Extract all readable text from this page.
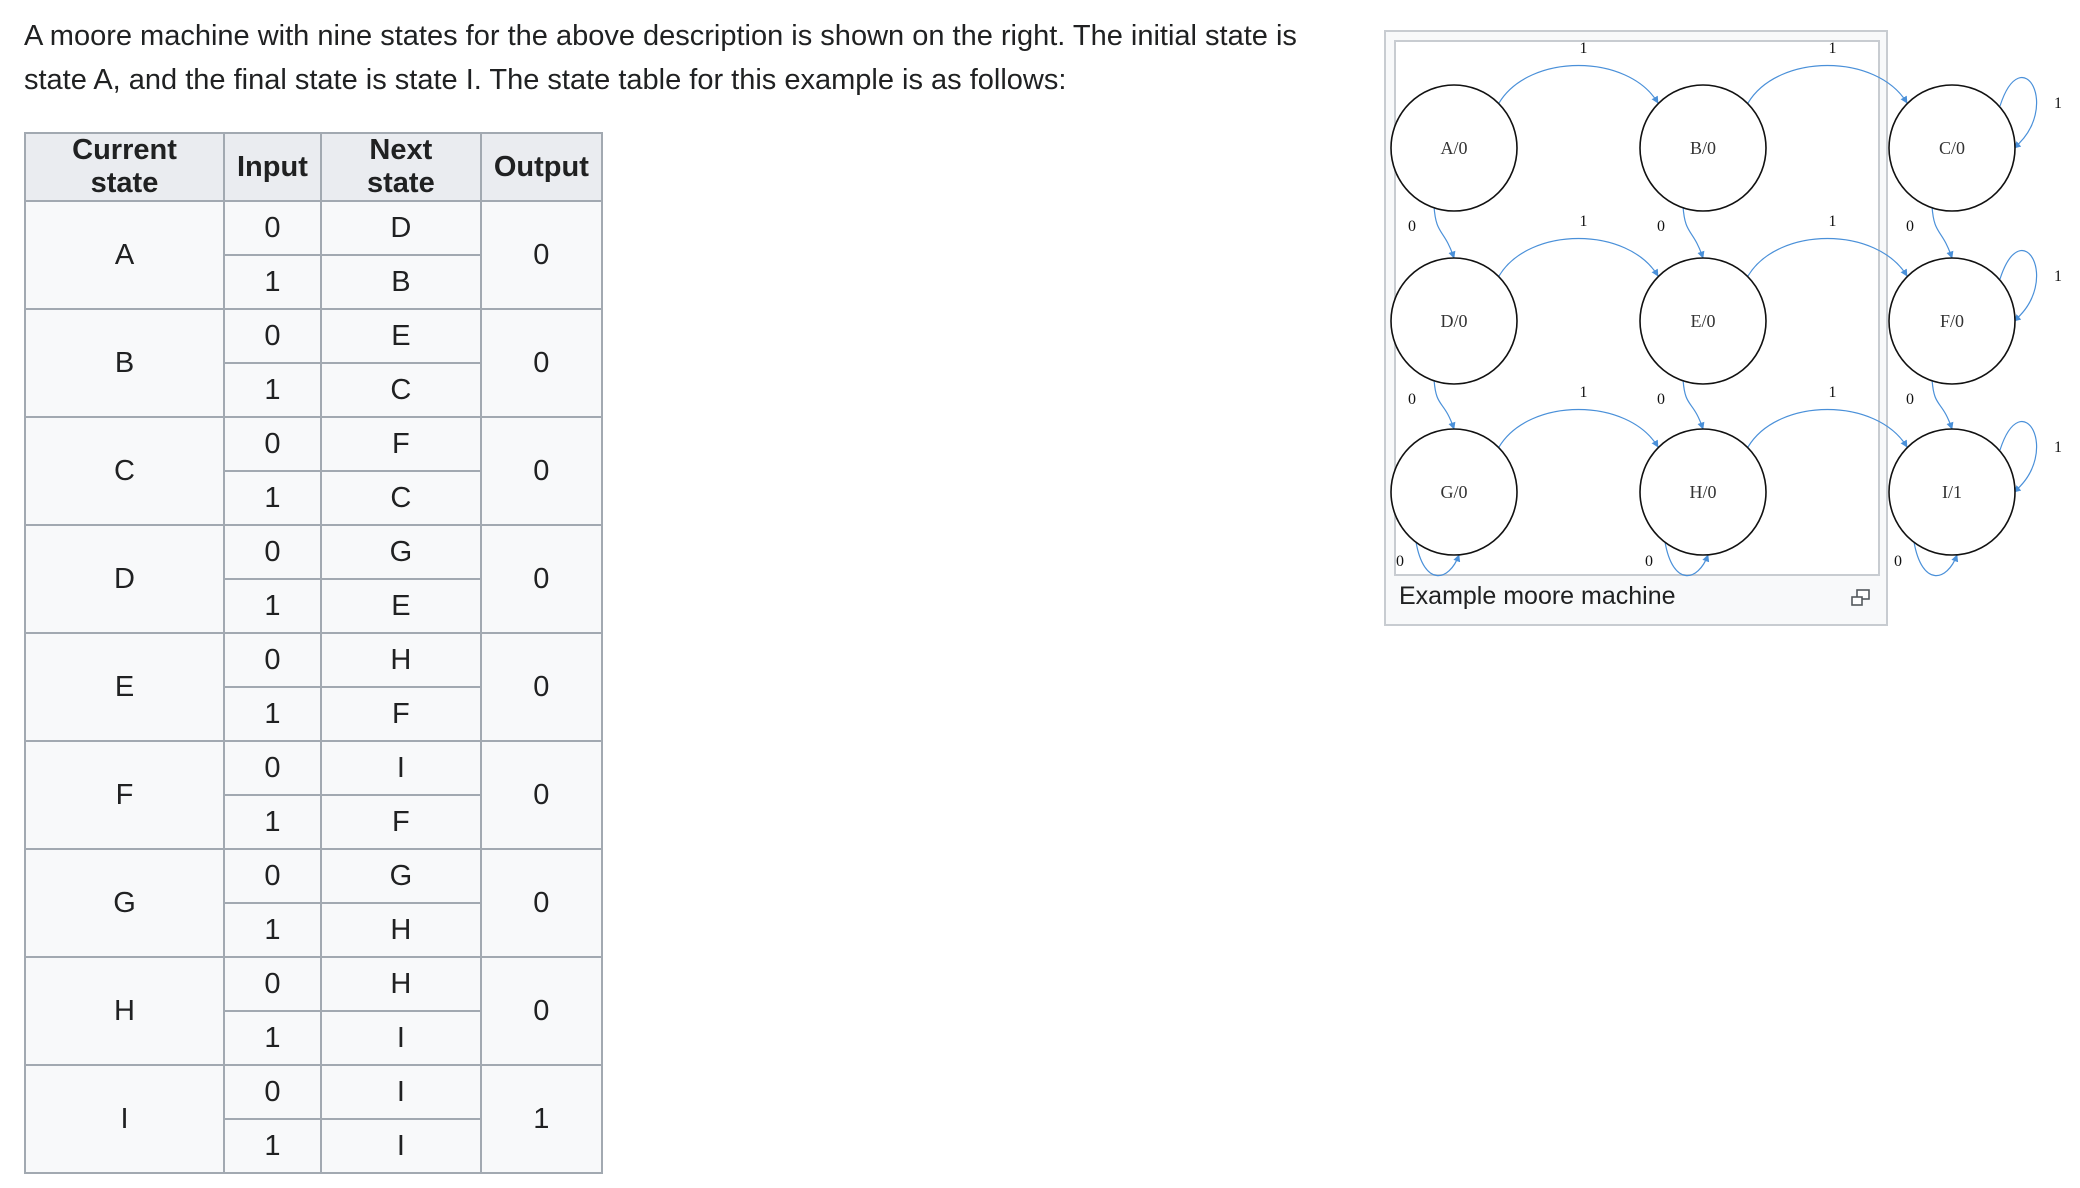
A moore machine with nine states for the above description is shown on the right. The initial state is state A, and the final state is state I. The state table for this example is as follows:

Current state	Input	Next state	Output
A	0	D	0
	1	B	
B	0	E	0
	1	C	
C	0	F	0
	1	C	
D	0	G	0
	1	E	
E	0	H	0
	1	F	
F	0	I	0
	1	F	
G	0	G	0
	1	H	
H	0	H	0
	1	I	
I	0	I	1
	1	I	
1	1
1	1
1	1
0	0	0
0	0	0
1
1
1
0	0	0
A/0	B/0	C/0
D/0	E/0	F/0
G/0	H/0	I/1

Example moore machine
